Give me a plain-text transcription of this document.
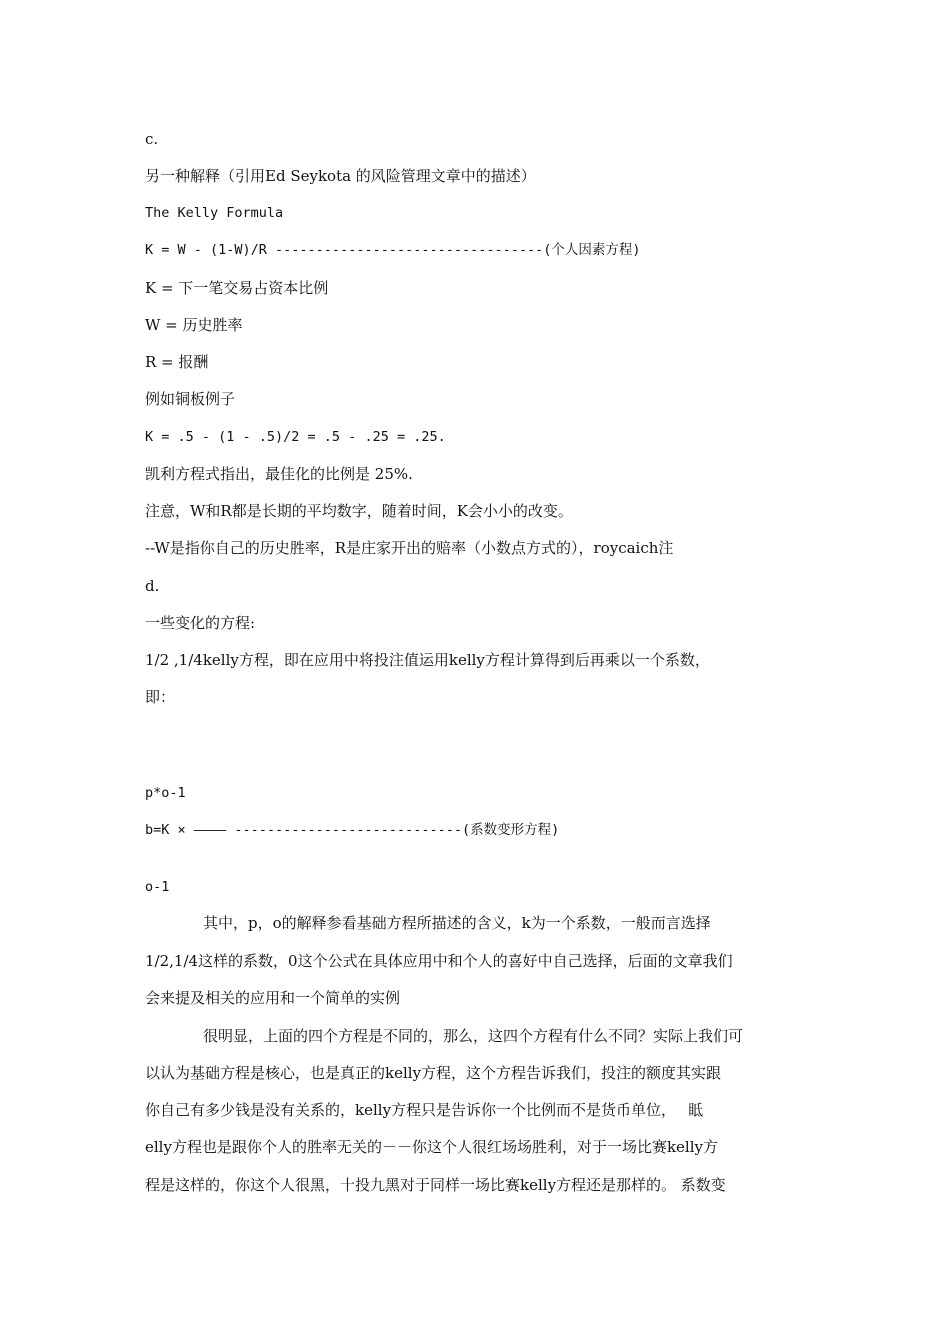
c.

另一种解释（引用Ed Seykota 的风险管理文章中的描述）

The Kelly Formula

K = W - (1-W)/R ---------------------------------(个人因素方程)

K = 下一笔交易占资本比例

W = 历史胜率

R = 报酬

例如铜板例子

K = .5 - (1 - .5)/2 = .5 - .25 = .25.

凯利方程式指出，最佳化的比例是 25%.

注意，W和R都是长期的平均数字，随着时间，K会小小的改变。

--W是指你自己的历史胜率，R是庄家开出的赔率（小数点方式的），roycaich注

d.

一些变化的方程:

1/2 ,1/4kelly方程，即在应用中将投注值运用kelly方程计算得到后再乘以一个系数，

即：

p*o-1

b=K × ———— ----------------------------(系数变形方程)

o-1

其中，p，o的解释参看基础方程所描述的含义，k为一个系数，一般而言选择

1/2,1/4这样的系数，0这个公式在具体应用中和个人的喜好中自己选择，后面的文章我们

会来提及相关的应用和一个简单的实例

很明显，上面的四个方程是不同的，那么，这四个方程有什么不同？实际上我们可

以认为基础方程是核心，也是真正的kelly方程，这个方程告诉我们，投注的额度其实跟

你自己有多少钱是没有关系的，kelly方程只是告诉你一个比例而不是货币单位，　 眡

elly方程也是跟你个人的胜率无关的－－你这个人很红场场胜利，对于一场比赛kelly方

程是这样的，你这个人很黑，十投九黑对于同样一场比赛kelly方程还是那样的。 系数变
